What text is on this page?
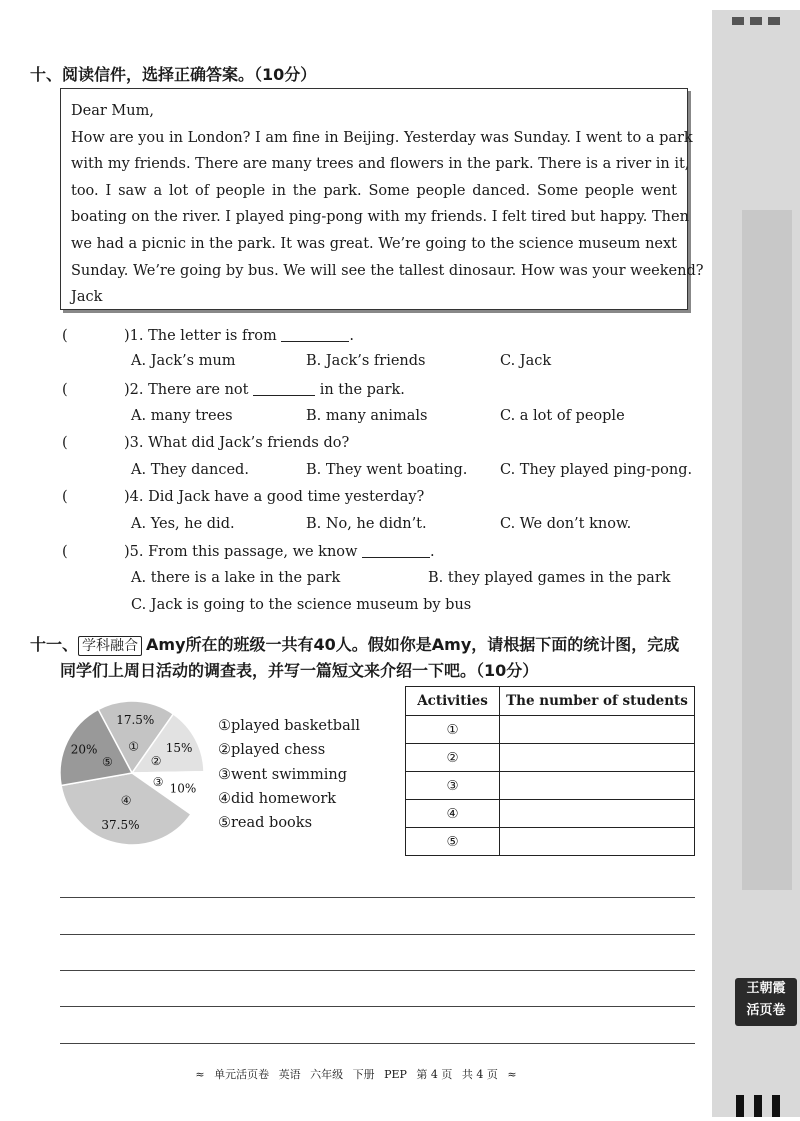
王朝霞
活页卷
十、阅读信件，选择正确答案。（10分）
Dear Mum,
How are you in London? I am fine in Beijing. Yesterday was Sunday. I went to a park
with my friends. There are many trees and flowers in the park. There is a river in it,
too. I saw a lot of people in the park. Some people danced. Some people went
boating on the river. I played ping-pong with my friends. I felt tired but happy. Then
we had a picnic in the park. It was great. We’re going to the science museum next
Sunday. We’re going by bus. We will see the tallest dinosaur. How was your weekend?
Jack
(	)1. The letter is from	.
A. Jack’s mum	B. Jack’s friends	C. Jack
(	)2. There are not	in the park.
A. many trees	B. many animals	C. a lot of people
(	)3. What did Jack’s friends do?
A. They danced.	B. They went boating. C. They played ping-pong.
(	)4. Did Jack have a good time yesterday?
A. Yes, he did.	B. No, he didn’t.	C. We don’t know.
(	)5. From this passage, we know	.
A. there is a lake in the park	B. they played games in the park
C. Jack is going to the science museum by bus
十一、 学科融合 Amy所在的班级一共有40人。假如你是Amy，请根据下面的统计图，完成
同学们上周日活动的调查表，并写一篇短文来介绍一下吧。（10分）
①
17.5%
②
15%
③ 10%
④
37.5%
⑤
20%
①played basketball
②played chess
③went swimming
④did homework
⑤read books
Activities	The number of students
①	
②	
③	
④	
⑤	
≈ 单元活页卷 英语 六年级 下册 PEP 第 4 页 共 4 页 ≈
